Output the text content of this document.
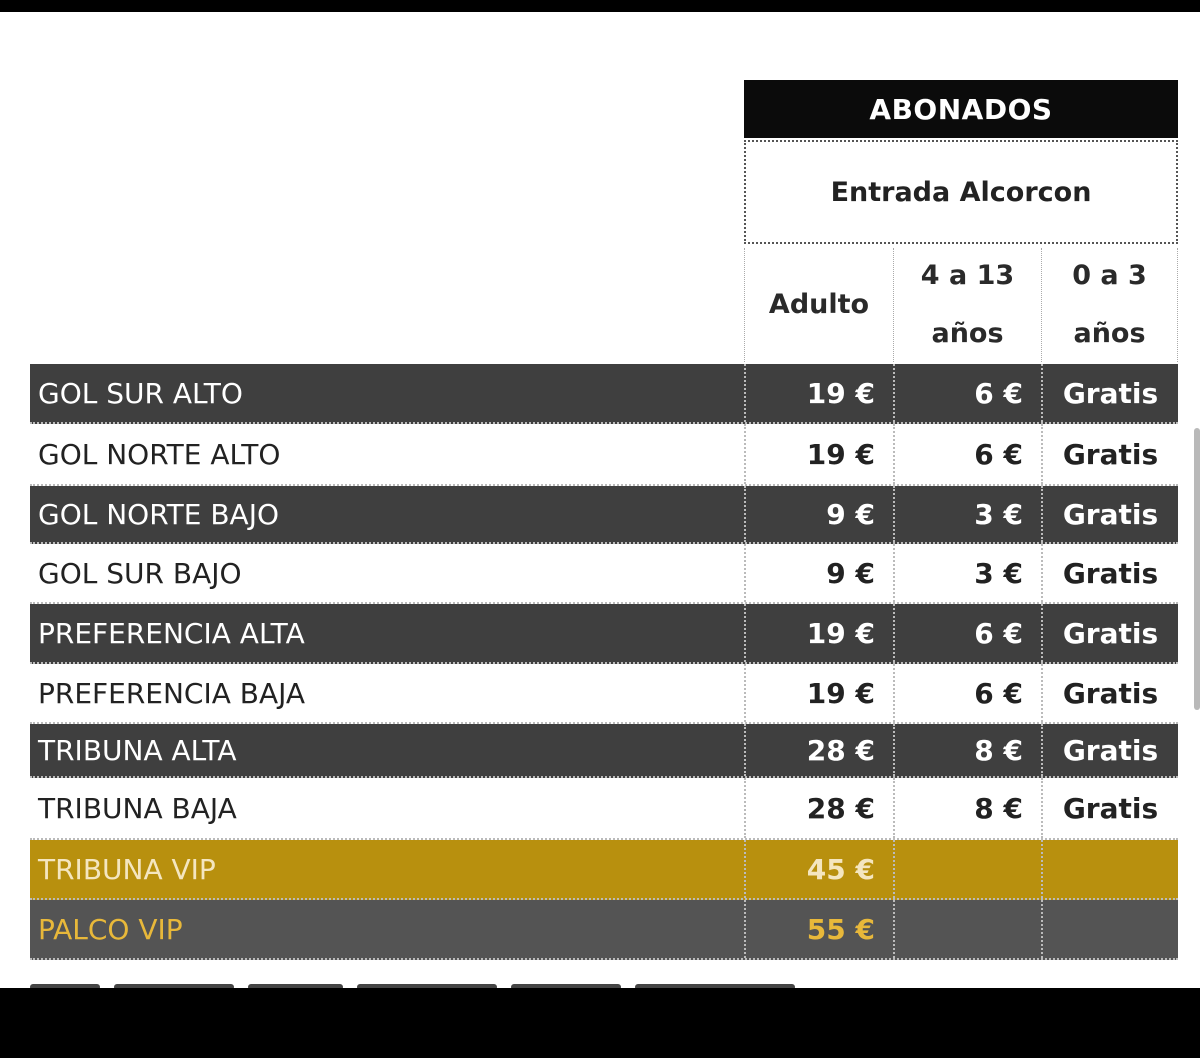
ABONADOS
Entrada Alcorcon
Adulto
4 a 13
años
0 a 3
años
GOL SUR ALTO	19 €	6 €	Gratis
GOL NORTE ALTO	19 €	6 €	Gratis
GOL NORTE BAJO	9 €	3 €	Gratis
GOL SUR BAJO	9 €	3 €	Gratis
PREFERENCIA ALTA	19 €	6 €	Gratis
PREFERENCIA BAJA	19 €	6 €	Gratis
TRIBUNA ALTA	28 €	8 €	Gratis
TRIBUNA BAJA	28 €	8 €	Gratis
TRIBUNA VIP	45 €
PALCO VIP	55 €
